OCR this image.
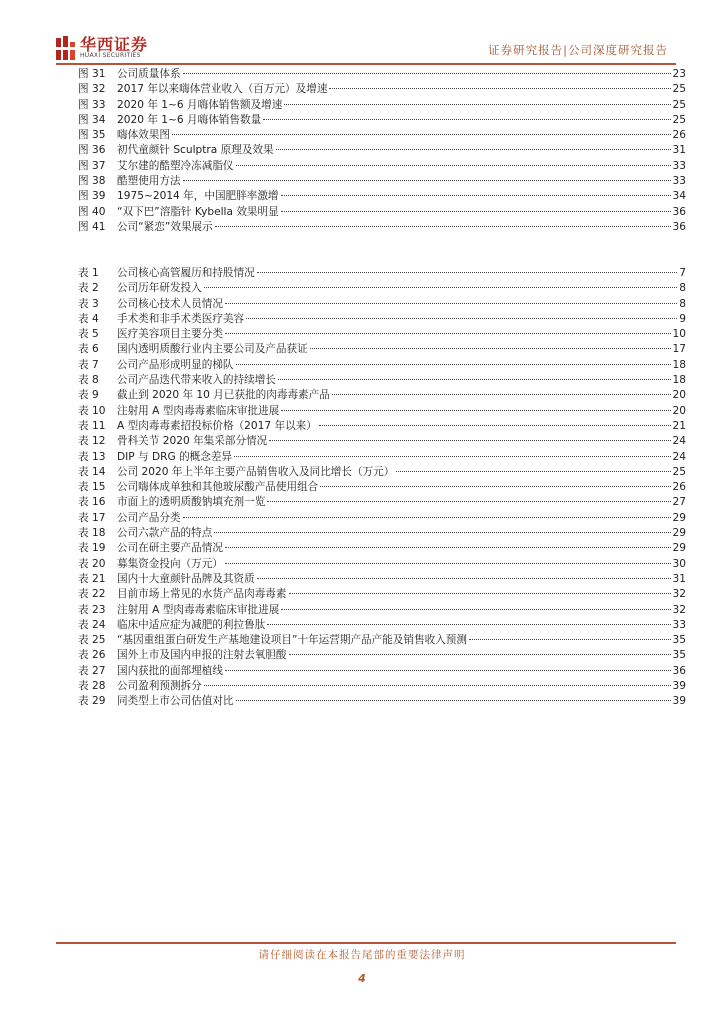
华西证券
HUAXI SECURITIES	证券研究报告|公司深度研究报告
图 31	公司质量体系	23
图 32	2017 年以来嗨体营业收入（百万元）及增速	25
图 33	2020 年 1~6 月嗨体销售额及增速	25
图 34	2020 年 1~6 月嗨体销售数量	25
图 35	嗨体效果图	26
图 36	初代童颜针 Sculptra 原理及效果	31
图 37	艾尔建的酷塑冷冻减脂仪	33
图 38	酷塑使用方法	33
图 39	1975~2014 年，中国肥胖率激增	34
图 40	“双下巴”溶脂针 Kybella 效果明显	36
图 41	公司“紧恋”效果展示	36
表 1	公司核心高管履历和持股情况	7
表 2	公司历年研发投入	8
表 3	公司核心技术人员情况	8
表 4	手术类和非手术类医疗美容	9
表 5	医疗美容项目主要分类	10
表 6	国内透明质酸行业内主要公司及产品获证	17
表 7	公司产品形成明显的梯队	18
表 8	公司产品迭代带来收入的持续增长	18
表 9	截止到 2020 年 10 月已获批的肉毒毒素产品	20
表 10	注射用 A 型肉毒毒素临床审批进展	20
表 11	A 型肉毒毒素招投标价格（2017 年以来）	21
表 12	骨科关节 2020 年集采部分情况	24
表 13	DIP 与 DRG 的概念差异	24
表 14	公司 2020 年上半年主要产品销售收入及同比增长（万元）	25
表 15	公司嗨体成单独和其他玻尿酸产品使用组合	26
表 16	市面上的透明质酸钠填充剂一览	27
表 17	公司产品分类	29
表 18	公司六款产品的特点	29
表 19	公司在研主要产品情况	29
表 20	募集资金投向（万元）	30
表 21	国内十大童颜针品牌及其资质	31
表 22	目前市场上常见的水货产品肉毒毒素	32
表 23	注射用 A 型肉毒毒素临床审批进展	32
表 24	临床中适应症为减肥的利拉鲁肽	33
表 25	“基因重组蛋白研发生产基地建设项目”十年运营期产品产能及销售收入预测	35
表 26	国外上市及国内申报的注射去氧胆酸	35
表 27	国内获批的面部埋植线	36
表 28	公司盈利预测拆分	39
表 29	同类型上市公司估值对比	39
请仔细阅读在本报告尾部的重要法律声明
4
